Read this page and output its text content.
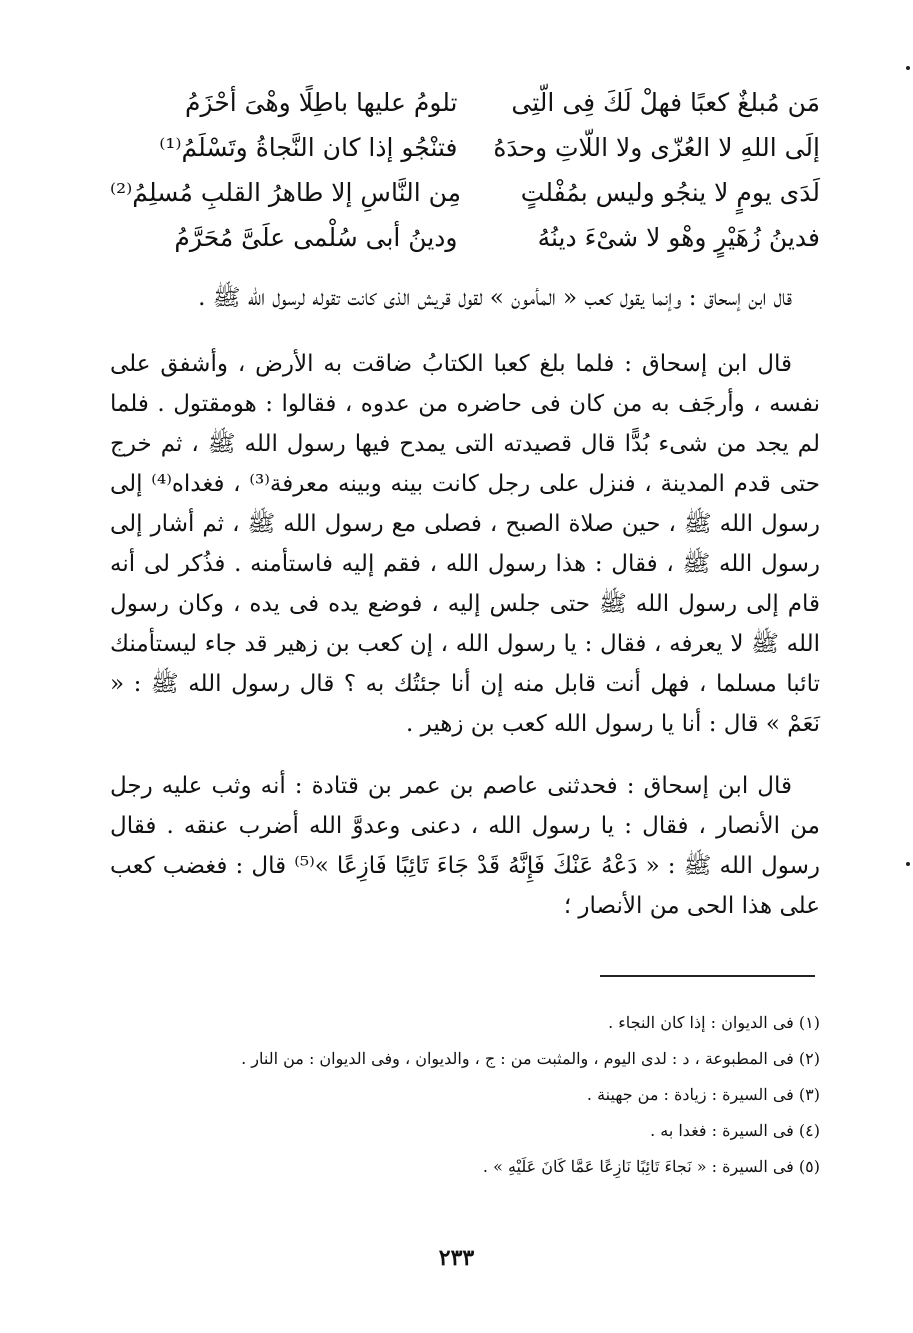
مَن مُبلغٌ كعبًا فهلْ لَكَ فِى الّتِى
تلومُ عليها باطِلًا وهْىَ أحْزَمُ
إلَى اللهِ لا العُزّى ولا اللّاتِ وحدَهُ
فتنْجُو إذا كان النَّجاةُ وتَسْلَمُ⁽¹⁾
لَدَى يومٍ لا ينجُو وليس بمُفْلتٍ
مِن النَّاسِ إلا طاهرُ القلبِ مُسلِمُ⁽²⁾
فدينُ زُهَيْرٍ وهْو لا شىْءَ دينُهُ
ودينُ أبى سُلْمى علَىَّ مُحَرَّمُ

قال ابن إسحاق : وإنما يقول كعب « المأمون » لقول قريش الذى كانت تقوله لرسول الله ﷺ .

قال ابن إسحاق : فلما بلغ كعبا الكتابُ ضاقت به الأرض ، وأشفق على نفسه ، وأرجَف به من كان فى حاضره من عدوه ، فقالوا : هومقتول . فلما لم يجد من شىء بُدًّا قال قصيدته التى يمدح فيها رسول الله ﷺ ، ثم خرج حتى قدم المدينة ، فنزل على رجل كانت بينه وبينه معرفة⁽³⁾ ، فغداه⁽⁴⁾ إلى رسول الله ﷺ ، حين صلاة الصبح ، فصلى مع رسول الله ﷺ ، ثم أشار إلى رسول الله ﷺ ، فقال : هذا رسول الله ، فقم إليه فاستأمنه . فذُكر لى أنه قام إلى رسول الله ﷺ حتى جلس إليه ، فوضع يده فى يده ، وكان رسول الله ﷺ لا يعرفه ، فقال : يا رسول الله ، إن كعب بن زهير قد جاء ليستأمنك تائبا مسلما ، فهل أنت قابل منه إن أنا جئتُك به ؟ قال رسول الله ﷺ : « نَعَمْ » قال : أنا يا رسول الله كعب بن زهير .

قال ابن إسحاق : فحدثنى عاصم بن عمر بن قتادة : أنه وثب عليه رجل من الأنصار ، فقال : يا رسول الله ، دعنى وعدوَّ الله أضرب عنقه . فقال رسول الله ﷺ : « دَعْهُ عَنْكَ فَإِنَّهُ قَدْ جَاءَ تَائِبًا فَازِعًا »⁽⁵⁾ قال : فغضب كعب على هذا الحى من الأنصار ؛

(١) فى الديوان : إذا كان النجاء .
(٢) فى المطبوعة ، د : لدى اليوم ، والمثبت من : ج ، والديوان ، وفى الديوان : من النار .
(٣) فى السيرة : زيادة : من جهينة .
(٤) فى السيرة : فغدا به .
(٥) فى السيرة : « نَجاءَ تَائِبًا نَازِعًا عَمَّا كَانَ عَلَيْهِ » .
٢٣٣
